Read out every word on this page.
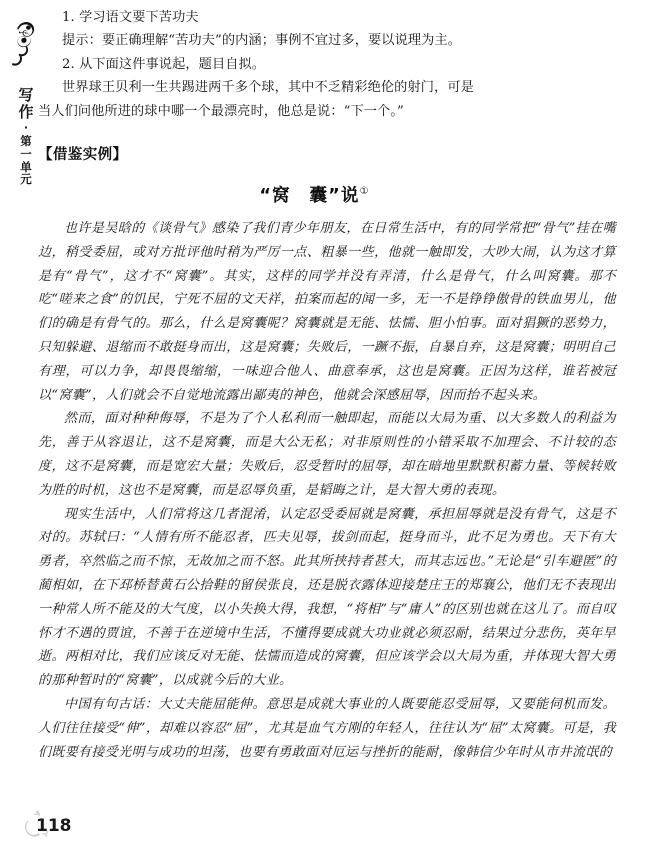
写
作
·
第
一
单
元
118

1. 学习语文要下苦功夫

提示：要正确理解“苦功夫”的内涵；事例不宜过多，要以说理为主。

2. 从下面这件事说起，题目自拟。

世界球王贝利一生共踢进两千多个球，其中不乏精彩绝伦的射门，可是

当人们问他所进的球中哪一个最漂亮时，他总是说：“下一个。”

【借鉴实例】
“窝　囊”说①

也许是吴晗的《谈骨气》感染了我们青少年朋友，在日常生活中，有的同学常把“骨气”挂在嘴边，稍受委屈，或对方批评他时稍为严厉一点、粗暴一些，他就一触即发，大吵大闹，认为这才算是有“骨气”，这才不“窝囊”。其实，这样的同学并没有弄清，什么是骨气，什么叫窝囊。那不吃“嗟来之食”的饥民，宁死不屈的文天祥，拍案而起的闻一多，无一不是铮铮傲骨的铁血男儿，他们的确是有骨气的。那么，什么是窝囊呢？窝囊就是无能、怯懦、胆小怕事。面对猖獗的恶势力，只知躲避、退缩而不敢挺身而出，这是窝囊；失败后，一蹶不振，自暴自弃，这是窝囊；明明自己有理，可以力争，却畏畏缩缩，一味迎合他人、曲意奉承，这也是窝囊。正因为这样，谁若被冠以“窝囊”，人们就会不自觉地流露出鄙夷的神色，他就会深感屈辱，因而抬不起头来。

然而，面对种种侮辱，不是为了个人私利而一触即起，而能以大局为重、以大多数人的利益为先，善于从容退让，这不是窝囊，而是大公无私；对非原则性的小错采取不加理会、不计较的态度，这不是窝囊，而是宽宏大量；失败后，忍受暂时的屈辱，却在暗地里默默积蓄力量、等候转败为胜的时机，这也不是窝囊，而是忍辱负重，是韬晦之计，是大智大勇的表现。

现实生活中，人们常将这几者混淆，认定忍受委屈就是窝囊，承担屈辱就是没有骨气，这是不对的。苏轼曰：“人情有所不能忍者，匹夫见辱，拔剑而起，挺身而斗，此不足为勇也。天下有大勇者，卒然临之而不惊，无故加之而不怒。此其所挟持者甚大，而其志远也。”无论是“引车避匿”的蔺相如，在下邳桥替黄石公拾鞋的留侯张良，还是脱衣露体迎接楚庄王的郑襄公，他们无不表现出一种常人所不能及的大气度，以小失换大得，我想，“将相”与“庸人”的区别也就在这儿了。而自叹怀才不遇的贾谊，不善于在逆境中生活，不懂得要成就大功业就必须忍耐，结果过分悲伤，英年早逝。两相对比，我们应该反对无能、怯懦而造成的窝囊，但应该学会以大局为重，并体现大智大勇的那种暂时的“窝囊”，以成就今后的大业。

中国有句古话：大丈夫能屈能伸。意思是成就大事业的人既要能忍受屈辱，又要能伺机而发。人们往往接受“伸”，却难以容忍“屈”，尤其是血气方刚的年轻人，往往认为“屈”太窝囊。可是，我们既要有接受光明与成功的坦荡，也要有勇敢面对厄运与挫折的能耐，像韩信少年时从市井流氓的
